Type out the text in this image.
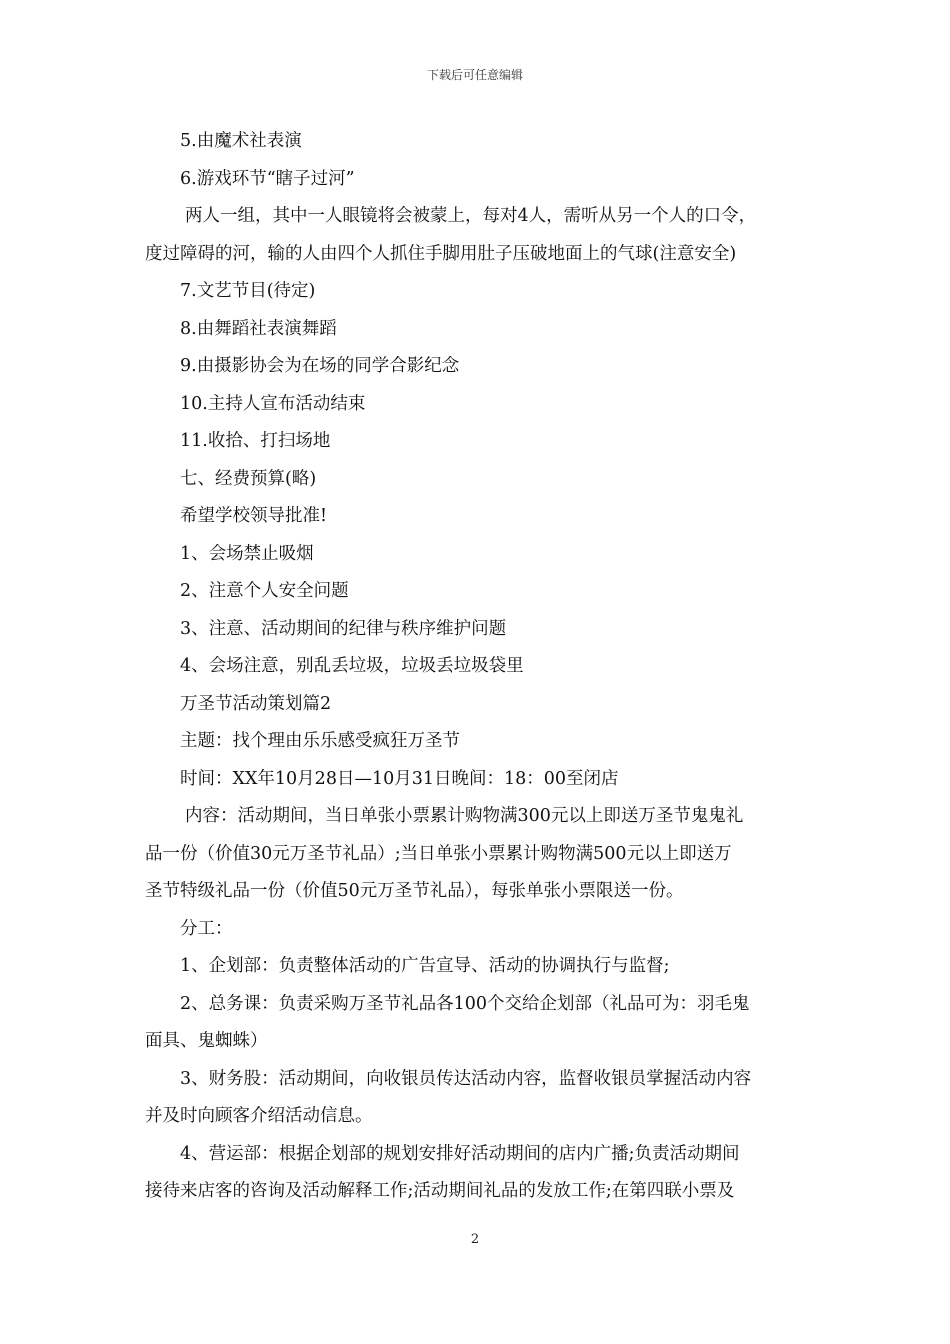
下载后可任意编辑
5.由魔术社表演
6.游戏环节“瞎子过河”
两人一组，其中一人眼镜将会被蒙上，每对4人，需听从另一个人的口令，
度过障碍的河，输的人由四个人抓住手脚用肚子压破地面上的气球(注意安全)
7.文艺节目(待定)
8.由舞蹈社表演舞蹈
9.由摄影协会为在场的同学合影纪念
10.主持人宣布活动结束
11.收拾、打扫场地
七、经费预算(略)
希望学校领导批准!
1、会场禁止吸烟
2、注意个人安全问题
3、注意、活动期间的纪律与秩序维护问题
4、会场注意，别乱丢垃圾，垃圾丢垃圾袋里
万圣节活动策划篇2
主题：找个理由乐乐感受疯狂万圣节
时间：XX年10月28日—10月31日晚间：18：00至闭店
内容：活动期间，当日单张小票累计购物满300元以上即送万圣节鬼鬼礼
品一份（价值30元万圣节礼品）;当日单张小票累计购物满500元以上即送万
圣节特级礼品一份（价值50元万圣节礼品），每张单张小票限送一份。
分工：
1、企划部：负责整体活动的广告宣导、活动的协调执行与监督;
2、总务课：负责采购万圣节礼品各100个交给企划部（礼品可为：羽毛鬼
面具、鬼蜘蛛）
3、财务股：活动期间，向收银员传达活动内容，监督收银员掌握活动内容
并及时向顾客介绍活动信息。
4、营运部：根据企划部的规划安排好活动期间的店内广播;负责活动期间
接待来店客的咨询及活动解释工作;活动期间礼品的发放工作;在第四联小票及
2
